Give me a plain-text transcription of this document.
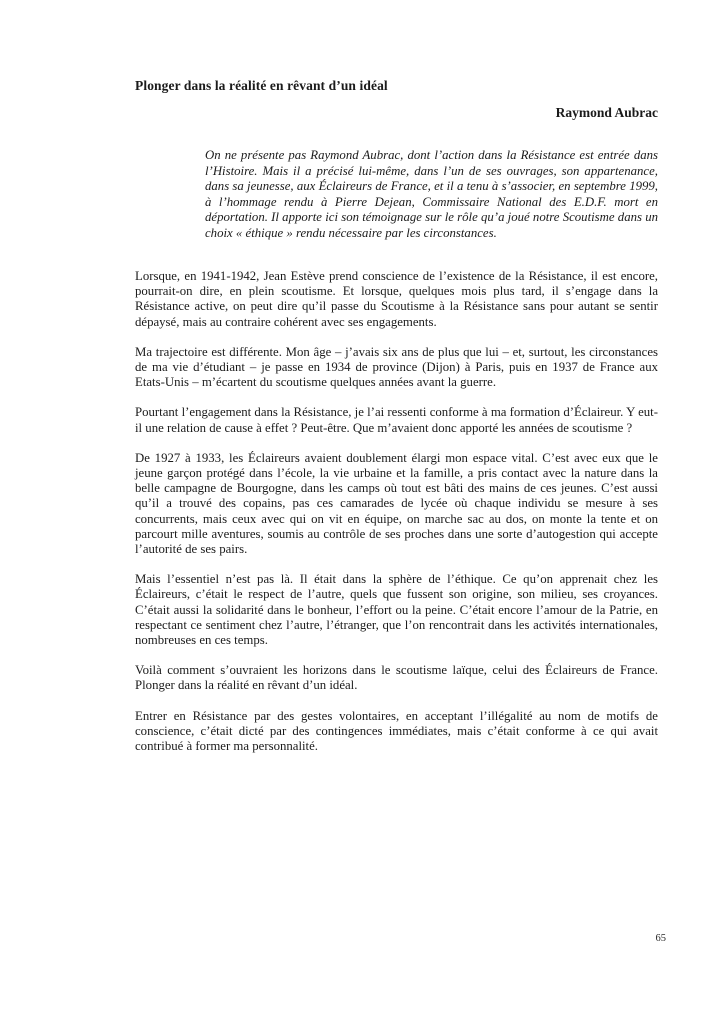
Plonger dans la réalité en rêvant d’un idéal
Raymond Aubrac
On ne présente pas Raymond Aubrac, dont l’action dans la Résistance est entrée dans l’Histoire. Mais il a précisé lui-même, dans l’un de ses ouvrages, son appartenance, dans sa jeunesse, aux Éclaireurs de France, et il a tenu à s’associer, en septembre 1999, à l’hommage rendu à Pierre Dejean, Commissaire National des E.D.F. mort en déportation. Il apporte ici son témoignage sur le rôle qu’a joué notre Scoutisme dans un choix « éthique » rendu nécessaire par les circonstances.

Lorsque, en 1941-1942, Jean Estève prend conscience de l’existence de la Résistance, il est encore, pourrait-on dire, en plein scoutisme. Et lorsque, quelques mois plus tard, il s’engage dans la Résistance active, on peut dire qu’il passe du Scoutisme à la Résistance sans pour autant se sentir dépaysé, mais au contraire cohérent avec ses engagements.

Ma trajectoire est différente. Mon âge – j’avais six ans de plus que lui – et, surtout, les circonstances de ma vie d’étudiant – je passe en 1934 de province (Dijon) à Paris, puis en 1937 de France aux Etats-Unis – m’écartent du scoutisme quelques années avant la guerre.

Pourtant l’engagement dans la Résistance, je l’ai ressenti conforme à ma formation d’Éclaireur. Y eut-il une relation de cause à effet ? Peut-être. Que m’avaient donc apporté les années de scoutisme ?

De 1927 à 1933, les Éclaireurs avaient doublement élargi mon espace vital. C’est avec eux que le jeune garçon protégé dans l’école, la vie urbaine et la famille, a pris contact avec la nature dans la belle campagne de Bourgogne, dans les camps où tout est bâti des mains de ces jeunes. C’est aussi qu’il a trouvé des copains, pas ces camarades de lycée où chaque individu se mesure à ses concurrents, mais ceux avec qui on vit en équipe, on marche sac au dos, on monte la tente et on parcourt mille aventures, soumis au contrôle de ses proches dans une sorte d’autogestion qui accepte l’autorité de ses pairs.

Mais l’essentiel n’est pas là. Il était dans la sphère de l’éthique. Ce qu’on apprenait chez les Éclaireurs, c’était le respect de l’autre, quels que fussent son origine, son milieu, ses croyances. C’était aussi la solidarité dans le bonheur, l’effort ou la peine. C’était encore l’amour de la Patrie, en respectant ce sentiment chez l’autre, l’étranger, que l’on rencontrait dans les activités internationales, nombreuses en ces temps.

Voilà comment s’ouvraient les horizons dans le scoutisme laïque, celui des Éclaireurs de France. Plonger dans la réalité en rêvant d’un idéal.

Entrer en Résistance par des gestes volontaires, en acceptant l’illégalité au nom de motifs de conscience, c’était dicté par des contingences immédiates, mais c’était conforme à ce qui avait contribué à former ma personnalité.

65
